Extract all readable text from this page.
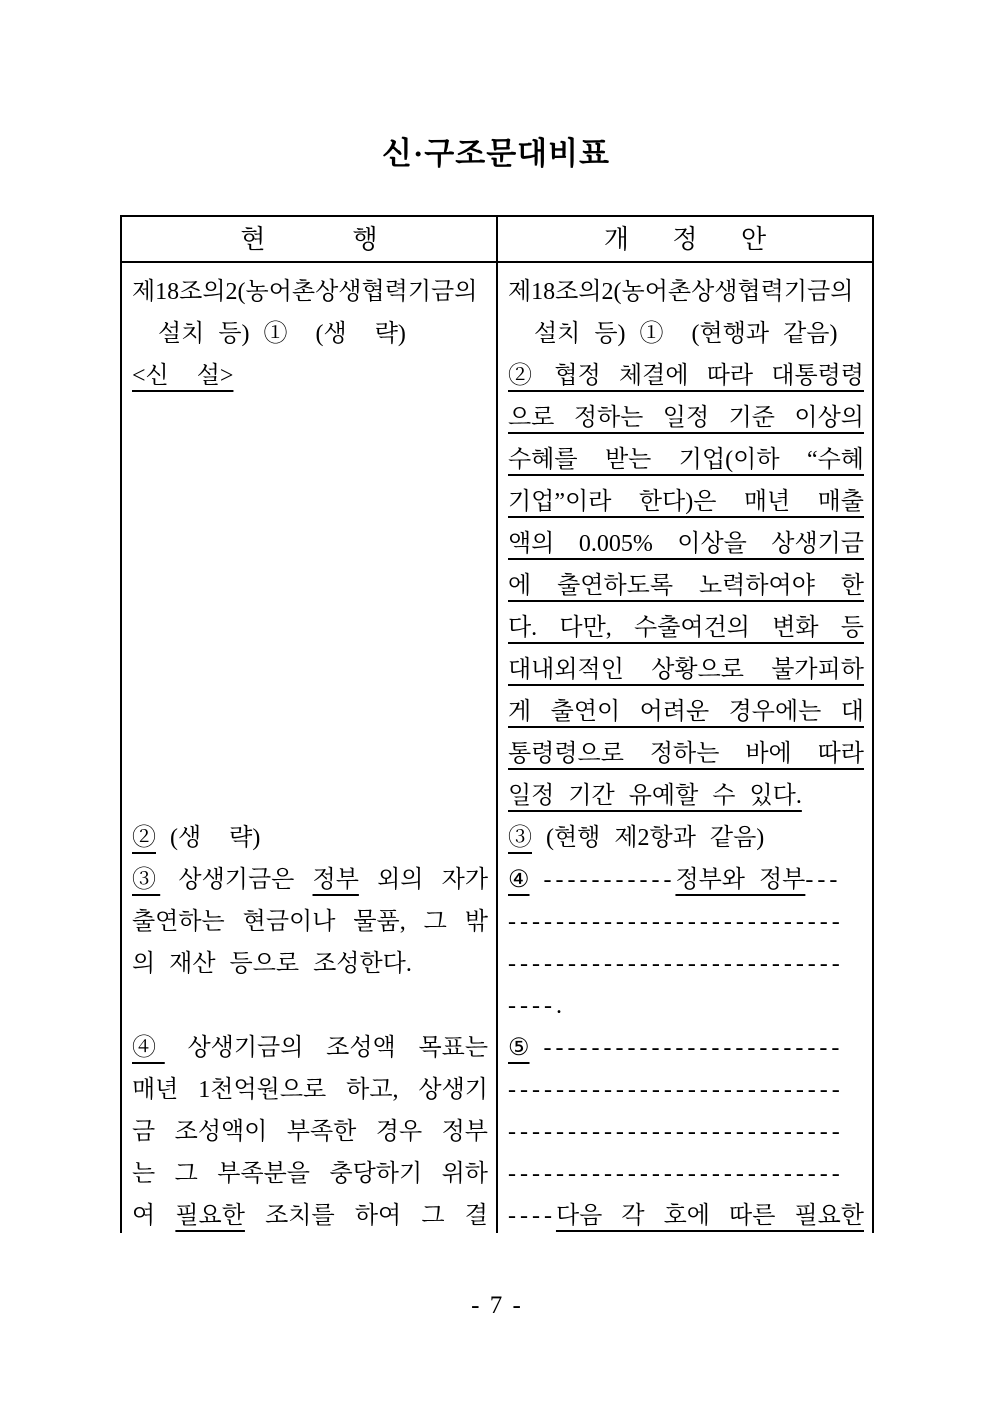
신·구조문대비표
현      행	개   정   안
제18조의2(농어촌상생협력기금의
설치 등) ①  (생  략)
<신  설>

② (생  략)
③ 상생기금은 정부 외의 자가
출연하는 현금이나 물품, 그 밖
의 재산 등으로 조성한다.

④ 상생기금의 조성액 목표는
매년 1천억원으로 하고, 상생기
금 조성액이 부족한 경우 정부
는 그 부족분을 충당하기 위하
여 필요한 조치를 하여 그 결
제18조의2(농어촌상생협력기금의
설치 등) ①  (현행과 같음)
② 협정 체결에 따라 대통령령
으로 정하는 일정 기준 이상의
수혜를 받는 기업(이하 “수혜
기업”이라 한다)은 매년 매출
액의 0.005% 이상을 상생기금
에 출연하도록 노력하여야 한
다. 다만, 수출여건의 변화 등
대내외적인 상황으로 불가피하
게 출연이 어려운 경우에는 대
통령령으로 정하는 바에 따라
일정 기간 유예할 수 있다.
③ (현행 제2항과 같음)
④ -----------정부와 정부---
----------------------------
----------------------------
----.
⑤ -------------------------
----------------------------
----------------------------
----------------------------
----다음 각 호에 따른 필요한
- 7 -
